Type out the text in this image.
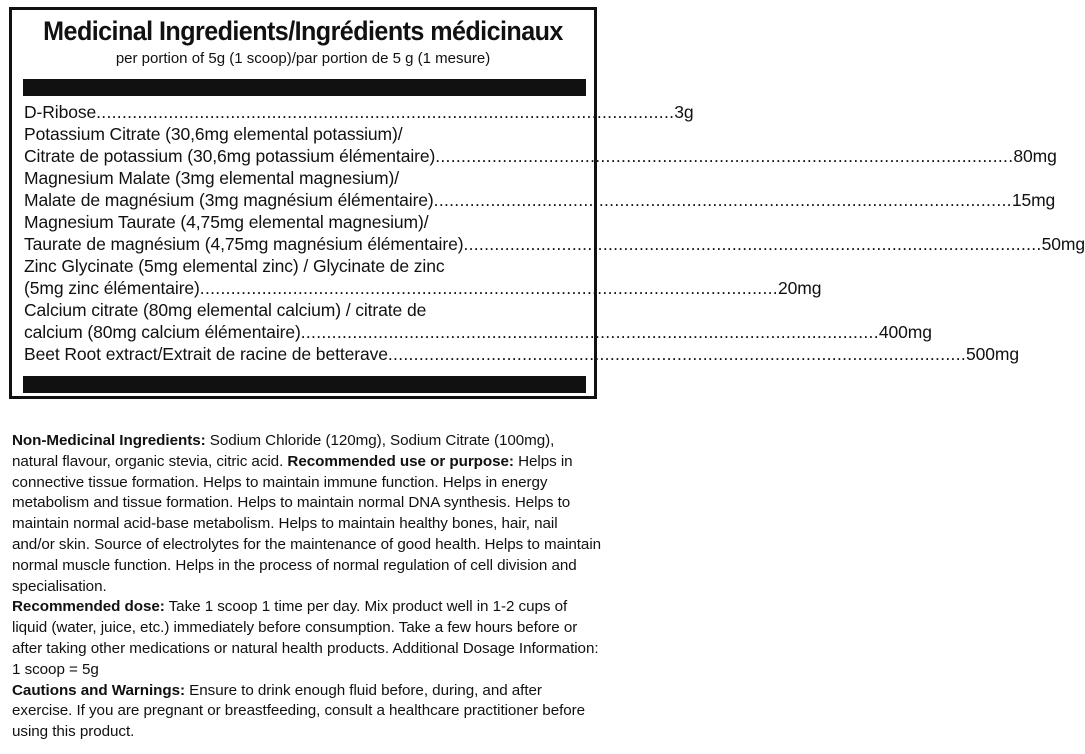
Medicinal Ingredients/Ingrédients médicinaux
per portion of 5g (1 scoop)/par portion de 5 g (1 mesure)
D-Ribose ................................................................................................................ 3g
Potassium Citrate (30,6mg elemental potassium)/
Citrate de potassium (30,6mg potassium élémentaire) ................................................................................................................ 80mg
Magnesium Malate (3mg elemental magnesium)/
Malate de magnésium (3mg magnésium élémentaire) ................................................................................................................ 15mg
Magnesium Taurate (4,75mg elemental magnesium)/
Taurate de magnésium (4,75mg magnésium élémentaire) ................................................................................................................ 50mg
Zinc Glycinate (5mg elemental zinc) / Glycinate de zinc
(5mg zinc élémentaire) ................................................................................................................ 20mg
Calcium citrate (80mg elemental calcium) / citrate de
calcium (80mg calcium élémentaire) ................................................................................................................ 400mg
Beet Root extract/Extrait de racine de betterave ................................................................................................................ 500mg

Non-Medicinal Ingredients: Sodium Chloride (120mg), Sodium Citrate (100mg), natural flavour, organic stevia, citric acid. Recommended use or purpose: Helps in connective tissue formation. Helps to maintain immune function. Helps in energy metabolism and tissue formation. Helps to maintain normal DNA synthesis. Helps to maintain normal acid-base metabolism. Helps to maintain healthy bones, hair, nail and/or skin. Source of electrolytes for the maintenance of good health. Helps to maintain normal muscle function. Helps in the process of normal regulation of cell division and specialisation.

Recommended dose: Take 1 scoop 1 time per day. Mix product well in 1-2 cups of liquid (water, juice, etc.) immediately before consumption. Take a few hours before or after taking other medications or natural health products. Additional Dosage Information: 1 scoop = 5g

Cautions and Warnings: Ensure to drink enough fluid before, during, and after exercise. If you are pregnant or breastfeeding, consult a healthcare practitioner before using this product.
